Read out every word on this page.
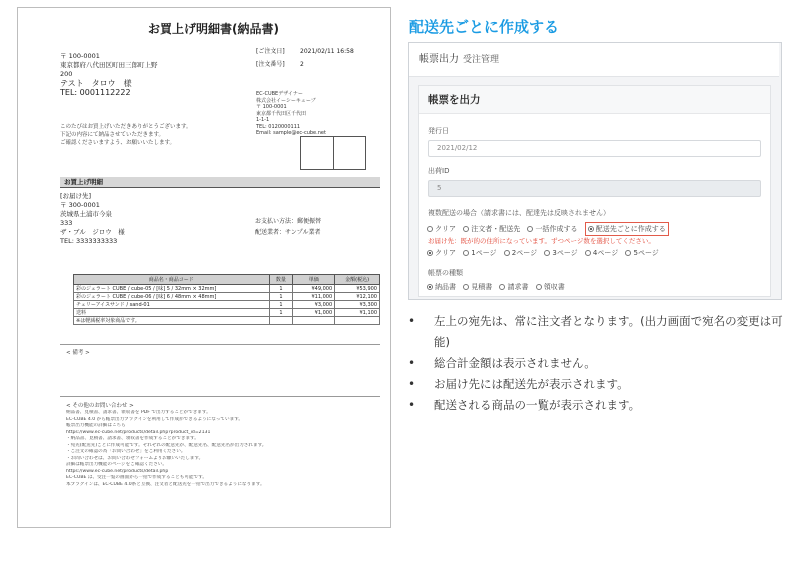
お買上げ明細書(納品書)
〒 100-0001
東京都府八代田区町田三郎町上野
200
テスト　タロウ　様
TEL: 0001112222
[ご注文日]	2021/02/11 16:58
[注文番号]	2
EC-CUBEデザイナー
株式会社イーシーキューブ
〒 100-0001
東京都千代田区千代田
1-1-1
TEL: 0120000111
Email: sample@ec-cube.net
このたびはお買上げいただきありがとうございます。
下記の内容にて納品させていただきます。
ご確認くださいますよう、お願いいたします。
お買上げ明細
[お届け先]
〒 300-0001
茨城県土浦市今泉
333
ザ・ブル　ジロウ　様
TEL: 3333333333
お支払い方法：郵便振替
配送業者：サンプル業者
商品名・商品コード	数量	単価	金額(税込)
彩のジェラート CUBE / cube-05 / [味] 5 / 32mm × 32mm]	1	¥49,000	¥53,900
彩のジェラート CUBE / cube-06 / [味] 6 / 48mm × 48mm]	1	¥11,000	¥12,100
チェリーアイスサンド / sand-01	1	¥3,000	¥3,300
送料	1	¥1,000	¥1,100
※は軽減税率対象商品です。			
< 備考 >
< その他のお問い合わせ >
納品書、見積書、請求書、領収書を PDF で出力することができます。
EC-CUBE 4.0 から帳票出力プラグインを利用して作成ができるようになっています。
帳票出力機能の詳細はこちら
https://www.ec-cube.net/products/detail.php?product_id=2131
・納品書、見積書、請求書、領収書を作成することができます。
・宛先(配送先)ごとに作成可能です。それぞれの配送先が、配送先名、配送先名が出力されます。
・ご注文の確認の為「お問い合わせ」をご利用ください。
・お問い合わせは、お問い合わせフォームよりお願いいたします。
詳細は帳票出力機能のページをご確認ください。
https://www.ec-cube.net/products/detail.php
EC-CUBE は、受注一覧の画面から一括で作成することも可能です。
本プラグインは、EC-CUBE 4.0系と互換、注文者と配送先を一括で出力できるようになります。
配送先ごとに作成する
帳票出力 受注管理
帳票を出力
発行日
2021/02/12
出荷ID
5
複数配送の場合（請求書には、配達先は反映されません）
クリア 注文者・配送先 一括作成する	配送先ごとに作成する
お届け先：既が的の住所になっています。ずつページ数を選択してください。
クリア 1ページ 2ページ 3ページ 4ページ 5ページ
帳票の種類
納品書 見積書 請求書 領収書
• 左上の宛先は、常に注文者となります。(出力画面で宛名の変更は可能)
• 総合計金額は表示されません。
• お届け先には配送先が表示されます。
• 配送される商品の一覧が表示されます。
